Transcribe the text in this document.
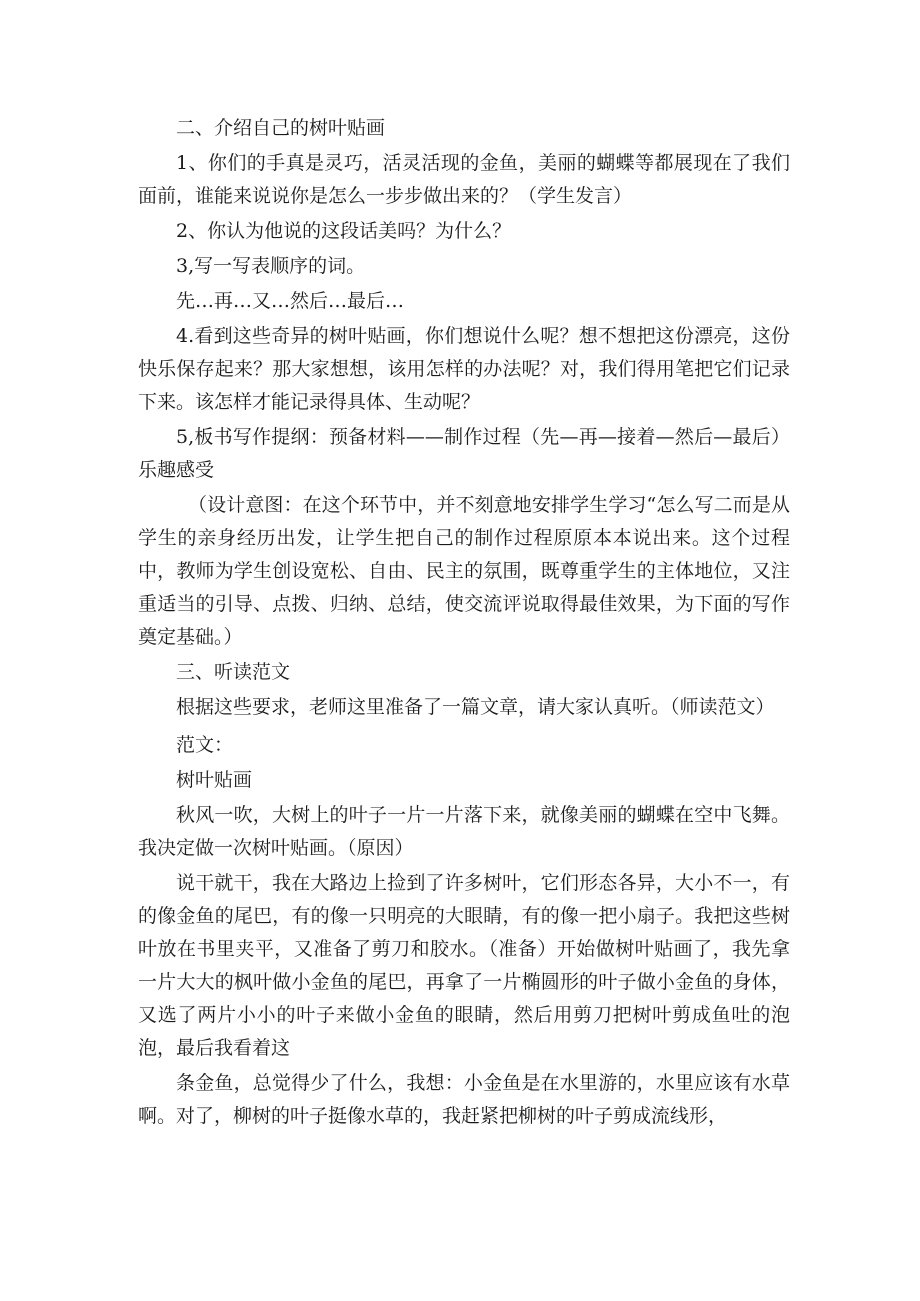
二、介绍自己的树叶贴画

1、你们的手真是灵巧，活灵活现的金鱼，美丽的蝴蝶等都展现在了我们面前，谁能来说说你是怎么一步步做出来的？（学生发言）

2、你认为他说的这段话美吗？为什么？

3,写一写表顺序的词。

先…再…又…然后…最后…

4.看到这些奇异的树叶贴画，你们想说什么呢？想不想把这份漂亮，这份快乐保存起来？那大家想想，该用怎样的办法呢？对，我们得用笔把它们记录下来。该怎样才能记录得具体、生动呢？

5,板书写作提纲：预备材料——制作过程（先—再—接着—然后—最后）乐趣感受

（设计意图：在这个环节中，并不刻意地安排学生学习“怎么写二而是从学生的亲身经历出发，让学生把自己的制作过程原原本本说出来。这个过程中，教师为学生创设宽松、自由、民主的氛围，既尊重学生的主体地位，又注重适当的引导、点拨、归纳、总结，使交流评说取得最佳效果，为下面的写作奠定基础。）

三、听读范文

根据这些要求，老师这里准备了一篇文章，请大家认真听。（师读范文）

范文：

树叶贴画

秋风一吹，大树上的叶子一片一片落下来，就像美丽的蝴蝶在空中飞舞。我决定做一次树叶贴画。（原因）

说干就干，我在大路边上捡到了许多树叶，它们形态各异，大小不一，有的像金鱼的尾巴，有的像一只明亮的大眼睛，有的像一把小扇子。我把这些树叶放在书里夹平，又准备了剪刀和胶水。（准备）开始做树叶贴画了，我先拿一片大大的枫叶做小金鱼的尾巴，再拿了一片椭圆形的叶子做小金鱼的身体，又选了两片小小的叶子来做小金鱼的眼睛，然后用剪刀把树叶剪成鱼吐的泡泡，最后我看着这

条金鱼，总觉得少了什么，我想：小金鱼是在水里游的，水里应该有水草啊。对了，柳树的叶子挺像水草的，我赶紧把柳树的叶子剪成流线形，
